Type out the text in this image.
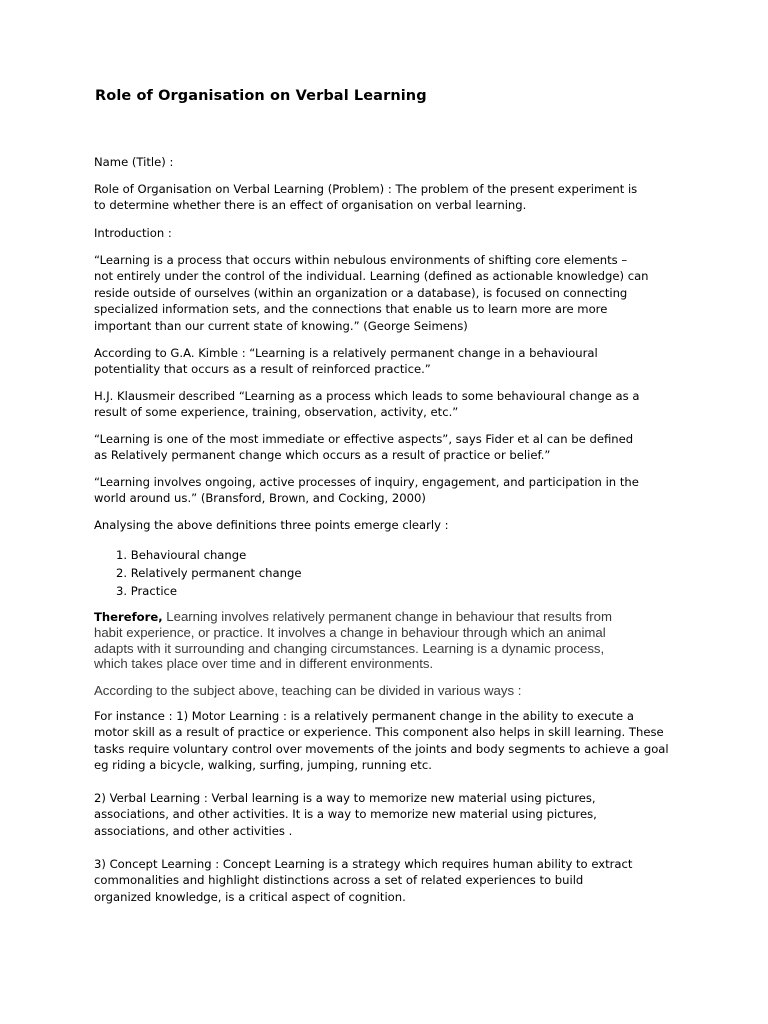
Role of Organisation on Verbal Learning
Name (Title) :
Role of Organisation on Verbal Learning (Problem) : The problem of the present experiment is
to determine whether there is an effect of organisation on verbal learning.
Introduction :
“Learning is a process that occurs within nebulous environments of shifting core elements –
not entirely under the control of the individual. Learning (defined as actionable knowledge) can
reside outside of ourselves (within an organization or a database), is focused on connecting
specialized information sets, and the connections that enable us to learn more are more
important than our current state of knowing.” (George Seimens)
According to G.A. Kimble : “Learning is a relatively permanent change in a behavioural
potentiality that occurs as a result of reinforced practice.”
H.J. Klausmeir described “Learning as a process which leads to some behavioural change as a
result of some experience, training, observation, activity, etc.”
“Learning is one of the most immediate or effective aspects”, says Fider et al can be defined
as Relatively permanent change which occurs as a result of practice or belief.”
“Learning involves ongoing, active processes of inquiry, engagement, and participation in the
world around us.” (Bransford, Brown, and Cocking, 2000)
Analysing the above definitions three points emerge clearly :
1. Behavioural change
2. Relatively permanent change
3. Practice
Therefore, Learning involves relatively permanent change in behaviour that results from
habit experience, or practice. It involves a change in behaviour through which an animal
adapts with it surrounding and changing circumstances. Learning is a dynamic process,
which takes place over time and in different environments.
According to the subject above, teaching can be divided in various ways :
For instance : 1) Motor Learning : is a relatively permanent change in the ability to execute a
motor skill as a result of practice or experience. This component also helps in skill learning. These
tasks require voluntary control over movements of the joints and body segments to achieve a goal
eg riding a bicycle, walking, surfing, jumping, running etc.
2) Verbal Learning : Verbal learning is a way to memorize new material using pictures,
associations, and other activities. It is a way to memorize new material using pictures,
associations, and other activities .
3) Concept Learning : Concept Learning is a strategy which requires human ability to extract
commonalities and highlight distinctions across a set of related experiences to build
organized knowledge, is a critical aspect of cognition.
